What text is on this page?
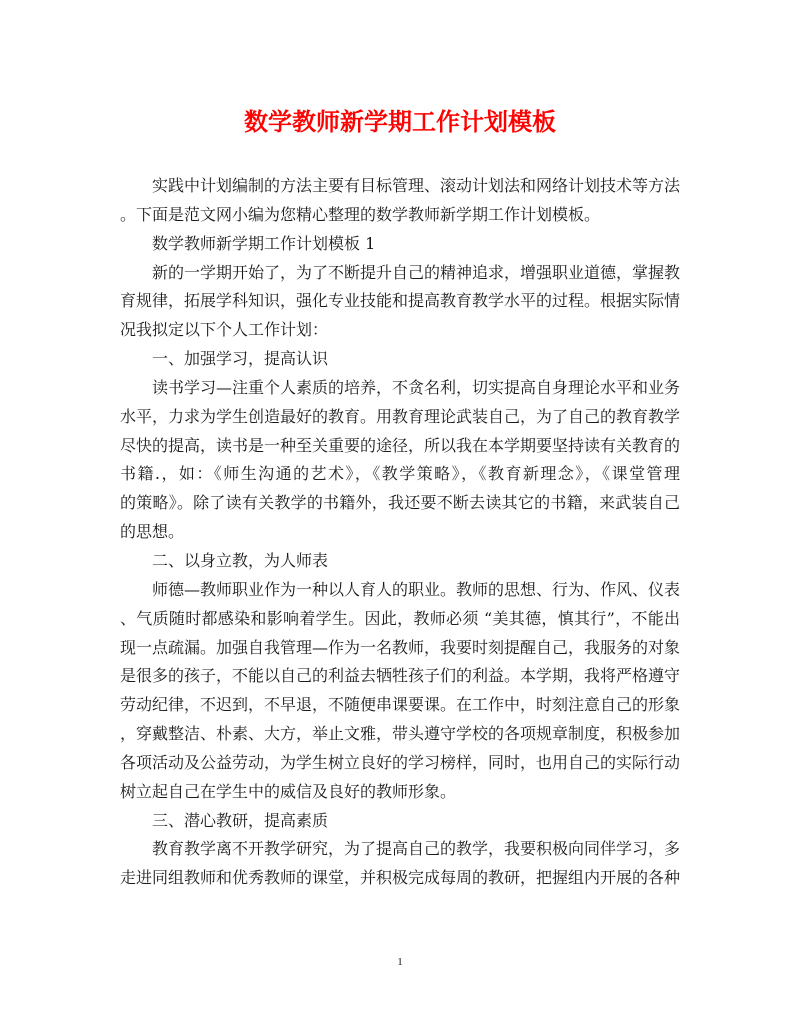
数学教师新学期工作计划模板
　　实践中计划编制的方法主要有目标管理、滚动计划法和网络计划技术等方法
。下面是范文网小编为您精心整理的数学教师新学期工作计划模板。
　　数学教师新学期工作计划模板 1
　　新的一学期开始了，为了不断提升自己的精神追求，增强职业道德，掌握教
育规律，拓展学科知识，强化专业技能和提高教育教学水平的过程。根据实际情
况我拟定以下个人工作计划：
　　一、加强学习，提高认识
　　读书学习—注重个人素质的培养，不贪名利，切实提高自身理论水平和业务
水平，力求为学生创造最好的教育。用教育理论武装自己，为了自己的教育教学
尽快的提高，读书是一种至关重要的途径，所以我在本学期要坚持读有关教育的
书籍.，如：《师生沟通的艺术》，《教学策略》，《教育新理念》，《课堂管理
的策略》。除了读有关教学的书籍外，我还要不断去读其它的书籍，来武装自己
的思想。
　　二、以身立教，为人师表
　　师德—教师职业作为一种以人育人的职业。教师的思想、行为、作风、仪表
、气质随时都感染和影响着学生。因此，教师必须 “美其德，慎其行”，不能出
现一点疏漏。加强自我管理—作为一名教师，我要时刻提醒自己，我服务的对象
是很多的孩子，不能以自己的利益去牺牲孩子们的利益。本学期，我将严格遵守
劳动纪律，不迟到，不早退，不随便串课要课。在工作中，时刻注意自己的形象
，穿戴整洁、朴素、大方，举止文雅，带头遵守学校的各项规章制度，积极参加
各项活动及公益劳动，为学生树立良好的学习榜样，同时，也用自己的实际行动
树立起自己在学生中的威信及良好的教师形象。
　　三、潜心教研，提高素质
　　教育教学离不开教学研究，为了提高自己的教学，我要积极向同伴学习，多
走进同组教师和优秀教师的课堂，并积极完成每周的教研，把握组内开展的各种
1
